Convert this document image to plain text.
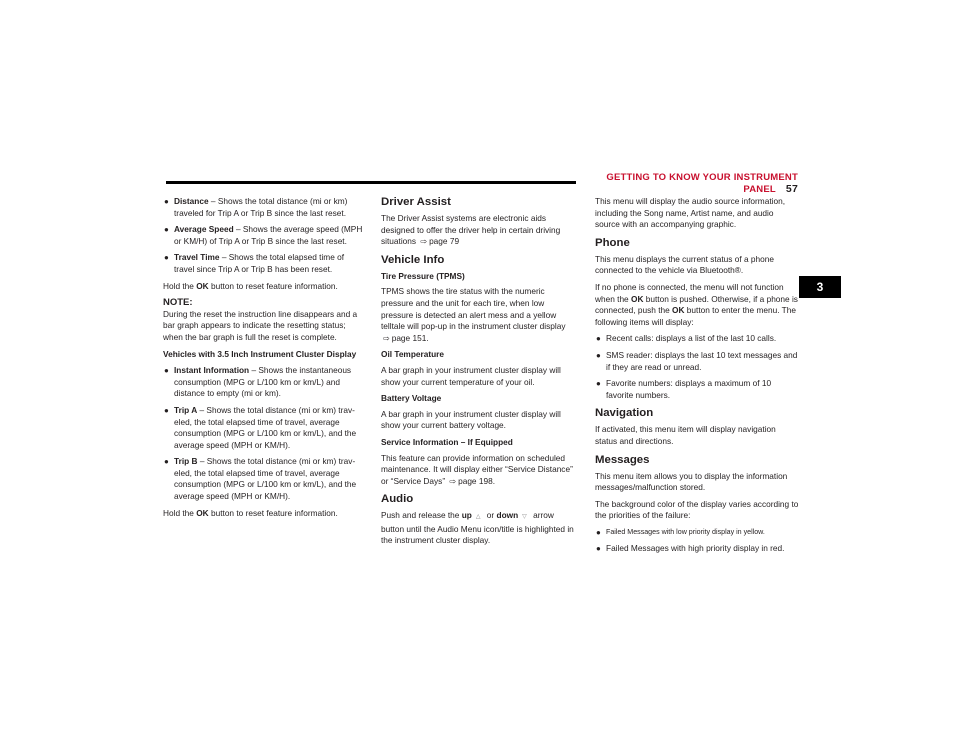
GETTING TO KNOW YOUR INSTRUMENT PANEL 57
3
● Distance – Shows the total distance (mi or km) traveled for Trip A or Trip B since the last reset.
● Average Speed – Shows the average speed (MPH or KM/H) of Trip A or Trip B since the last reset.
● Travel Time – Shows the total elapsed time of travel since Trip A or Trip B has been reset.

Hold the OK button to reset feature information.

NOTE:

During the reset the instruction line disappears and a bar graph appears to indicate the resetting status; when the bar graph is full the reset is complete.

Vehicles with 3.5 Inch Instrument Cluster Display

● Instant Information – Shows the instantaneous consumption (MPG or L/100 km or km/L) and distance to empty (mi or km).
● Trip A – Shows the total distance (mi or km) trav-eled, the total elapsed time of travel, average consumption (MPG or L/100 km or km/L), and the average speed (MPH or KM/H).
● Trip B – Shows the total distance (mi or km) trav-eled, the total elapsed time of travel, average consumption (MPG or L/100 km or km/L), and the average speed (MPH or KM/H).

Hold the OK button to reset feature information.

Driver Assist

The Driver Assist systems are electronic aids designed to offer the driver help in certain driving situations ⇨ page 79

Vehicle Info
Tire Pressure (TPMS)

TPMS shows the tire status with the numeric pressure and the unit for each tire, when low pressure is detected an alert mess and a yellow telltale will pop-up in the instrument cluster display ⇨ page 151.

Oil Temperature

A bar graph in your instrument cluster display will show your current temperature of your oil.

Battery Voltage

A bar graph in your instrument cluster display will show your current battery voltage.

Service Information – If Equipped

This feature can provide information on scheduled maintenance. It will display either “Service Distance” or “Service Days” ⇨ page 198.

Audio

Push and release the up △ or down ▽ arrow button until the Audio Menu icon/title is highlighted in the instrument cluster display.

This menu will display the audio source information, including the Song name, Artist name, and audio source with an accompanying graphic.

Phone

This menu displays the current status of a phone connected to the vehicle via Bluetooth®.

If no phone is connected, the menu will not function when the OK button is pushed. Otherwise, if a phone is connected, push the OK button to enter the menu. The following items will display:

● Recent calls: displays a list of the last 10 calls.
● SMS reader: displays the last 10 text messages and if they are read or unread.
● Favorite numbers: displays a maximum of 10 favorite numbers.
Navigation

If activated, this menu item will display navigation status and directions.

Messages

This menu item allows you to display the information messages/malfunction stored.

The background color of the display varies according to the priorities of the failure:

● Failed Messages with low priority display in yellow.
● Failed Messages with high priority display in red.
